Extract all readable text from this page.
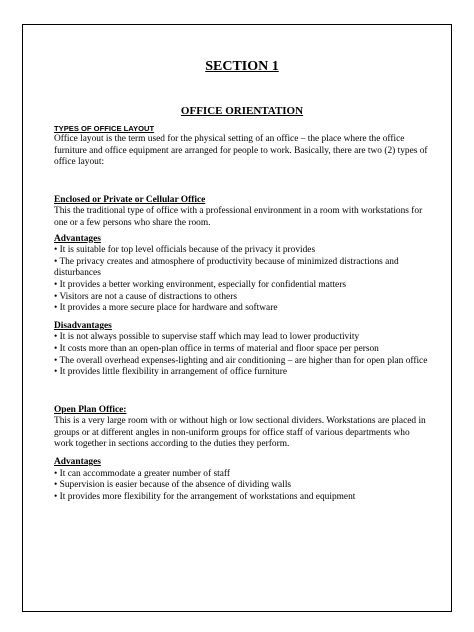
SECTION 1
OFFICE ORIENTATION
TYPES OF OFFICE LAYOUT

Office layout is the term used for the physical setting of an office – the place where the office furniture and office equipment are arranged for people to work. Basically, there are two (2) types of office layout:

Enclosed or Private or Cellular Office

This the traditional type of office with a professional environment in a room with workstations for one or a few persons who share the room.

Advantages
• It is suitable for top level officials because of the privacy it provides
• The privacy creates and atmosphere of productivity because of minimized distractions and disturbances
• It provides a better working environment, especially for confidential matters
• Visitors are not a cause of distractions to others
• It provides a more secure place for hardware and software
Disadvantages
• It is not always possible to supervise staff which may lead to lower productivity
• It costs more than an open-plan office in terms of material and floor space per person
• The overall overhead expenses-lighting and air conditioning – are higher than for open plan office
• It provides little flexibility in arrangement of office furniture
Open Plan Office:

This is a very large room with or without high or low sectional dividers. Workstations are placed in groups or at different angles in non-uniform groups for office staff of various departments who work together in sections according to the duties they perform.

Advantages
• It can accommodate a greater number of staff
• Supervision is easier because of the absence of dividing walls
• It provides more flexibility for the arrangement of workstations and equipment
